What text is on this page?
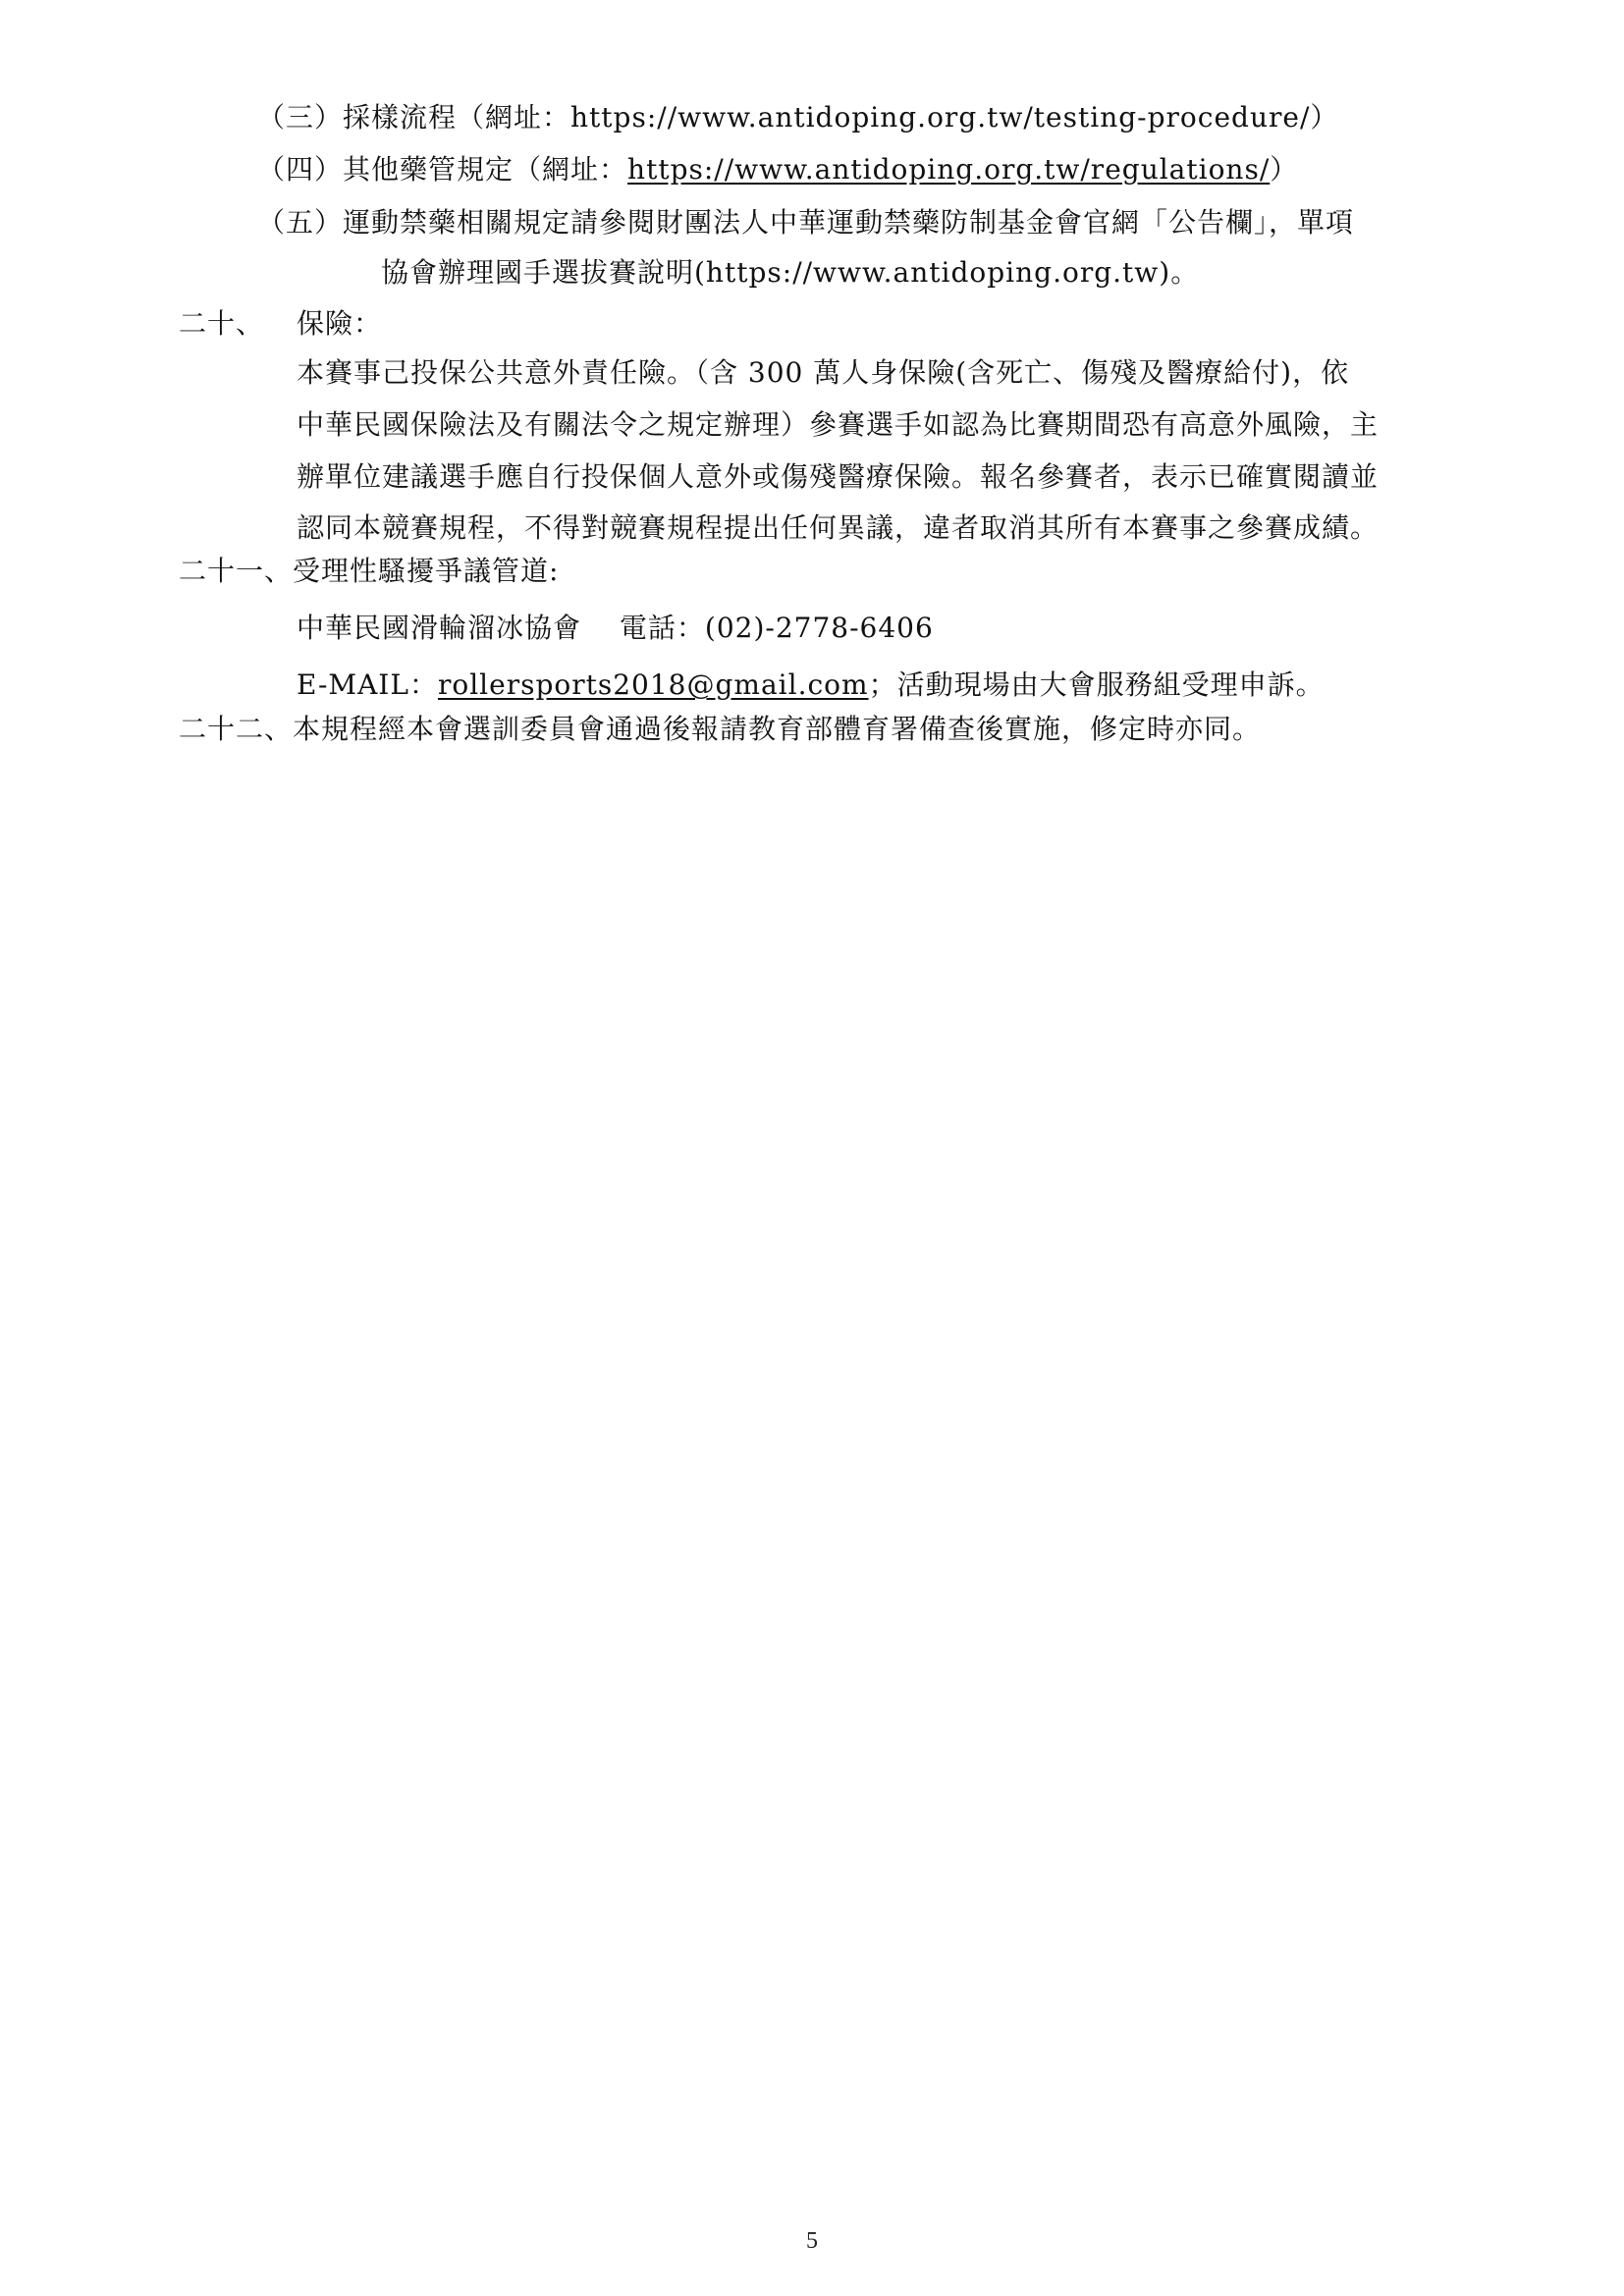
（三）採樣流程（網址：https://www.antidoping.org.tw/testing-procedure/）
（四）其他藥管規定（網址：https://www.antidoping.org.tw/regulations/）
（五）運動禁藥相關規定請參閱財團法人中華運動禁藥防制基金會官網「公告欄」，單項
協會辦理國手選拔賽說明(https://www.antidoping.org.tw)。
二十、 保險：
本賽事己投保公共意外責任險。（含 300 萬人身保險(含死亡、傷殘及醫療給付)，依
中華民國保險法及有關法令之規定辦理）參賽選手如認為比賽期間恐有高意外風險，主
辦單位建議選手應自行投保個人意外或傷殘醫療保險。報名參賽者，表示已確實閱讀並
認同本競賽規程，不得對競賽規程提出任何異議，違者取消其所有本賽事之參賽成績。
二十一、受理性騷擾爭議管道:
中華民國滑輪溜冰協會　 電話：(02)-2778-6406
E-MAIL：rollersports2018@gmail.com；活動現場由大會服務組受理申訴。
二十二、本規程經本會選訓委員會通過後報請教育部體育署備查後實施，修定時亦同。
5
